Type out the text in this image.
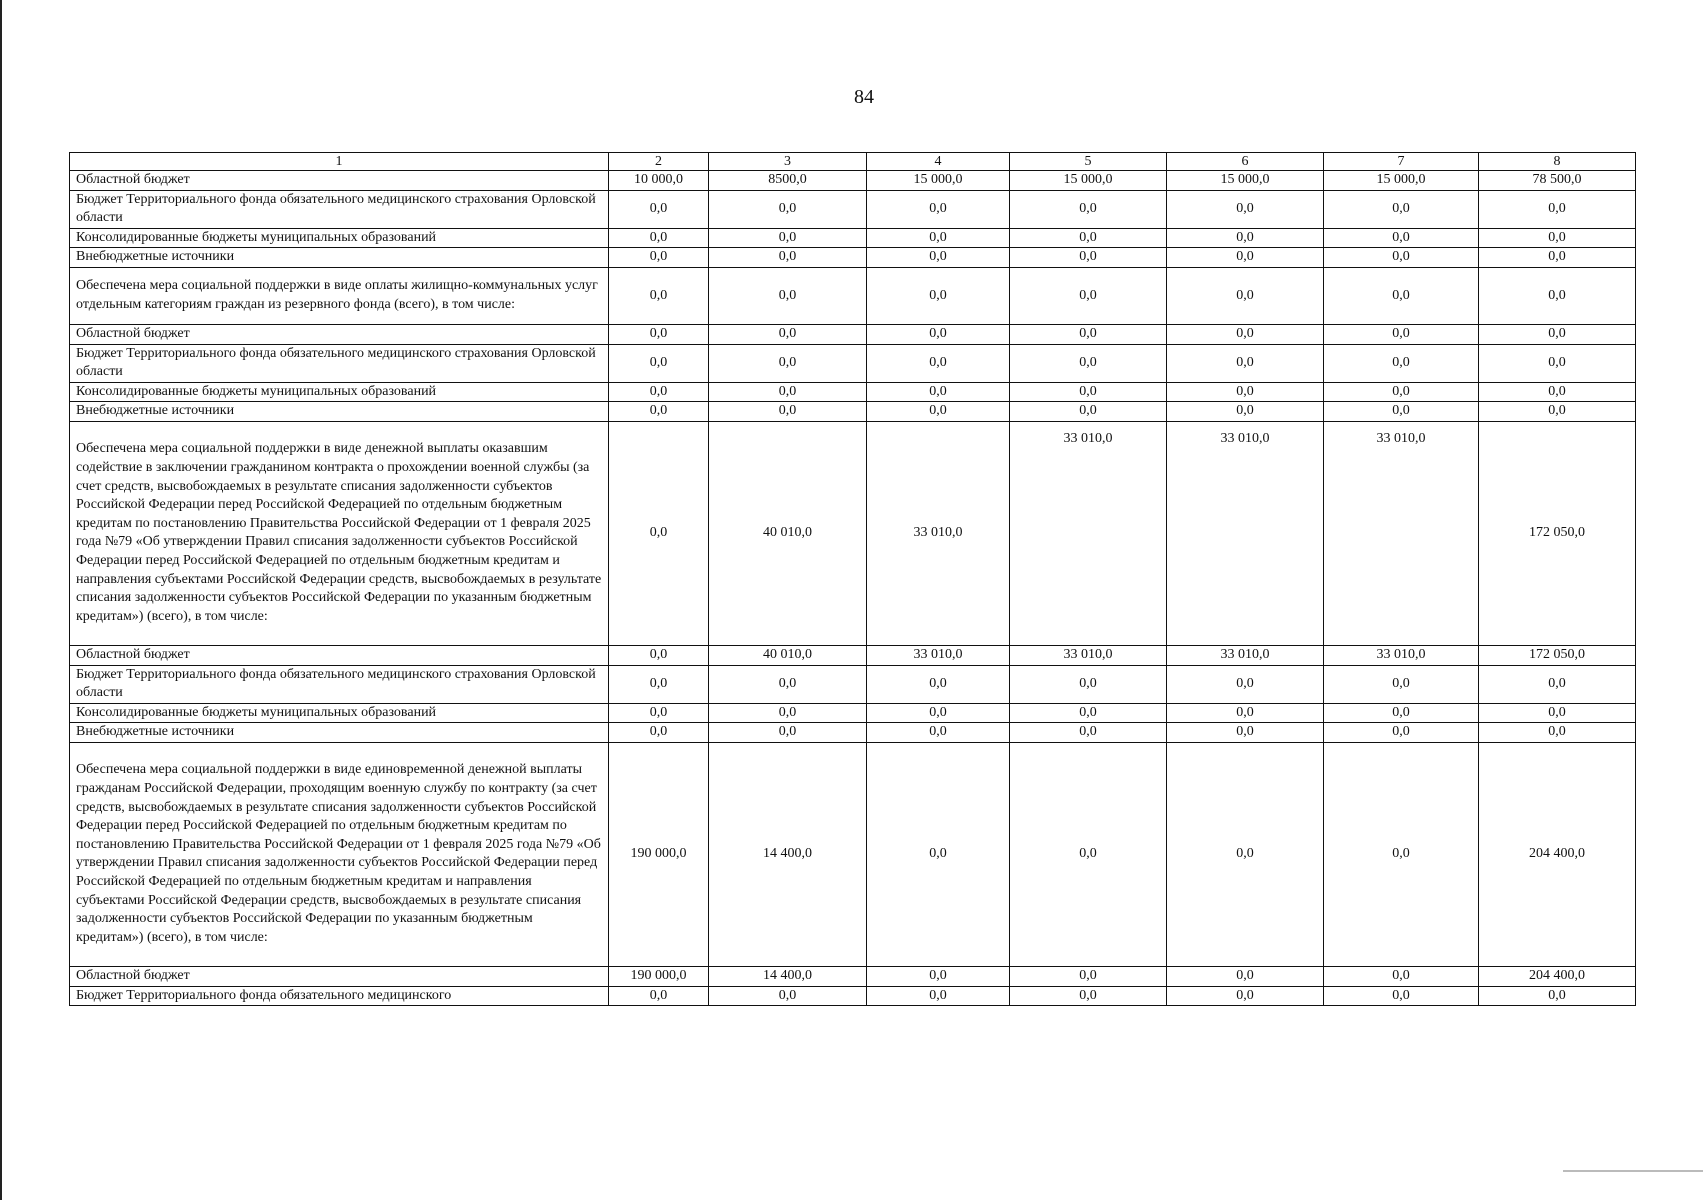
84
1	2	3	4	5	6	7	8
Областной бюджет	10 000,0	8500,0	15 000,0	15 000,0	15 000,0	15 000,0	78 500,0
Бюджет Территориального фонда обязательного медицинского страхования Орловской области	0,0	0,0	0,0	0,0	0,0	0,0	0,0
Консолидированные бюджеты муниципальных образований	0,0	0,0	0,0	0,0	0,0	0,0	0,0
Внебюджетные источники	0,0	0,0	0,0	0,0	0,0	0,0	0,0
Обеспечена мера социальной поддержки в виде оплаты жилищно-коммунальных услуг отдельным категориям граждан из резервного фонда (всего), в том числе:	0,0	0,0	0,0	0,0	0,0	0,0	0,0
Областной бюджет	0,0	0,0	0,0	0,0	0,0	0,0	0,0
Бюджет Территориального фонда обязательного медицинского страхования Орловской области	0,0	0,0	0,0	0,0	0,0	0,0	0,0
Консолидированные бюджеты муниципальных образований	0,0	0,0	0,0	0,0	0,0	0,0	0,0
Внебюджетные источники	0,0	0,0	0,0	0,0	0,0	0,0	0,0
Обеспечена мера социальной поддержки в виде денежной выплаты оказавшим содействие в заключении гражданином контракта о прохождении военной службы (за счет средств, высвобождаемых в результате списания задолженности субъектов Российской Федерации перед Российской Федерацией по отдельным бюджетным кредитам по постановлению Правительства Российской Федерации от 1 февраля 2025 года №79 «Об утверждении Правил списания задолженности субъектов Российской Федерации перед Российской Федерацией по отдельным бюджетным кредитам и направления субъектами Российской Федерации средств, высвобождаемых в результате списания задолженности субъектов Российской Федерации по указанным бюджетным кредитам») (всего), в том числе:	0,0	40 010,0	33 010,0	33 010,0	33 010,0	33 010,0	172 050,0
Областной бюджет	0,0	40 010,0	33 010,0	33 010,0	33 010,0	33 010,0	172 050,0
Бюджет Территориального фонда обязательного медицинского страхования Орловской области	0,0	0,0	0,0	0,0	0,0	0,0	0,0
Консолидированные бюджеты муниципальных образований	0,0	0,0	0,0	0,0	0,0	0,0	0,0
Внебюджетные источники	0,0	0,0	0,0	0,0	0,0	0,0	0,0
Обеспечена мера социальной поддержки в виде единовременной денежной выплаты гражданам Российской Федерации, проходящим военную службу по контракту (за счет средств, высвобождаемых в результате списания задолженности субъектов Российской Федерации перед Российской Федерацией по отдельным бюджетным кредитам по постановлению Правительства Российской Федерации от 1 февраля 2025 года №79 «Об утверждении Правил списания задолженности субъектов Российской Федерации перед Российской Федерацией по отдельным бюджетным кредитам и направления субъектами Российской Федерации средств, высвобождаемых в результате списания задолженности субъектов Российской Федерации по указанным бюджетным кредитам») (всего), в том числе:	190 000,0	14 400,0	0,0	0,0	0,0	0,0	204 400,0
Областной бюджет	190 000,0	14 400,0	0,0	0,0	0,0	0,0	204 400,0
Бюджет Территориального фонда обязательного медицинского	0,0	0,0	0,0	0,0	0,0	0,0	0,0
